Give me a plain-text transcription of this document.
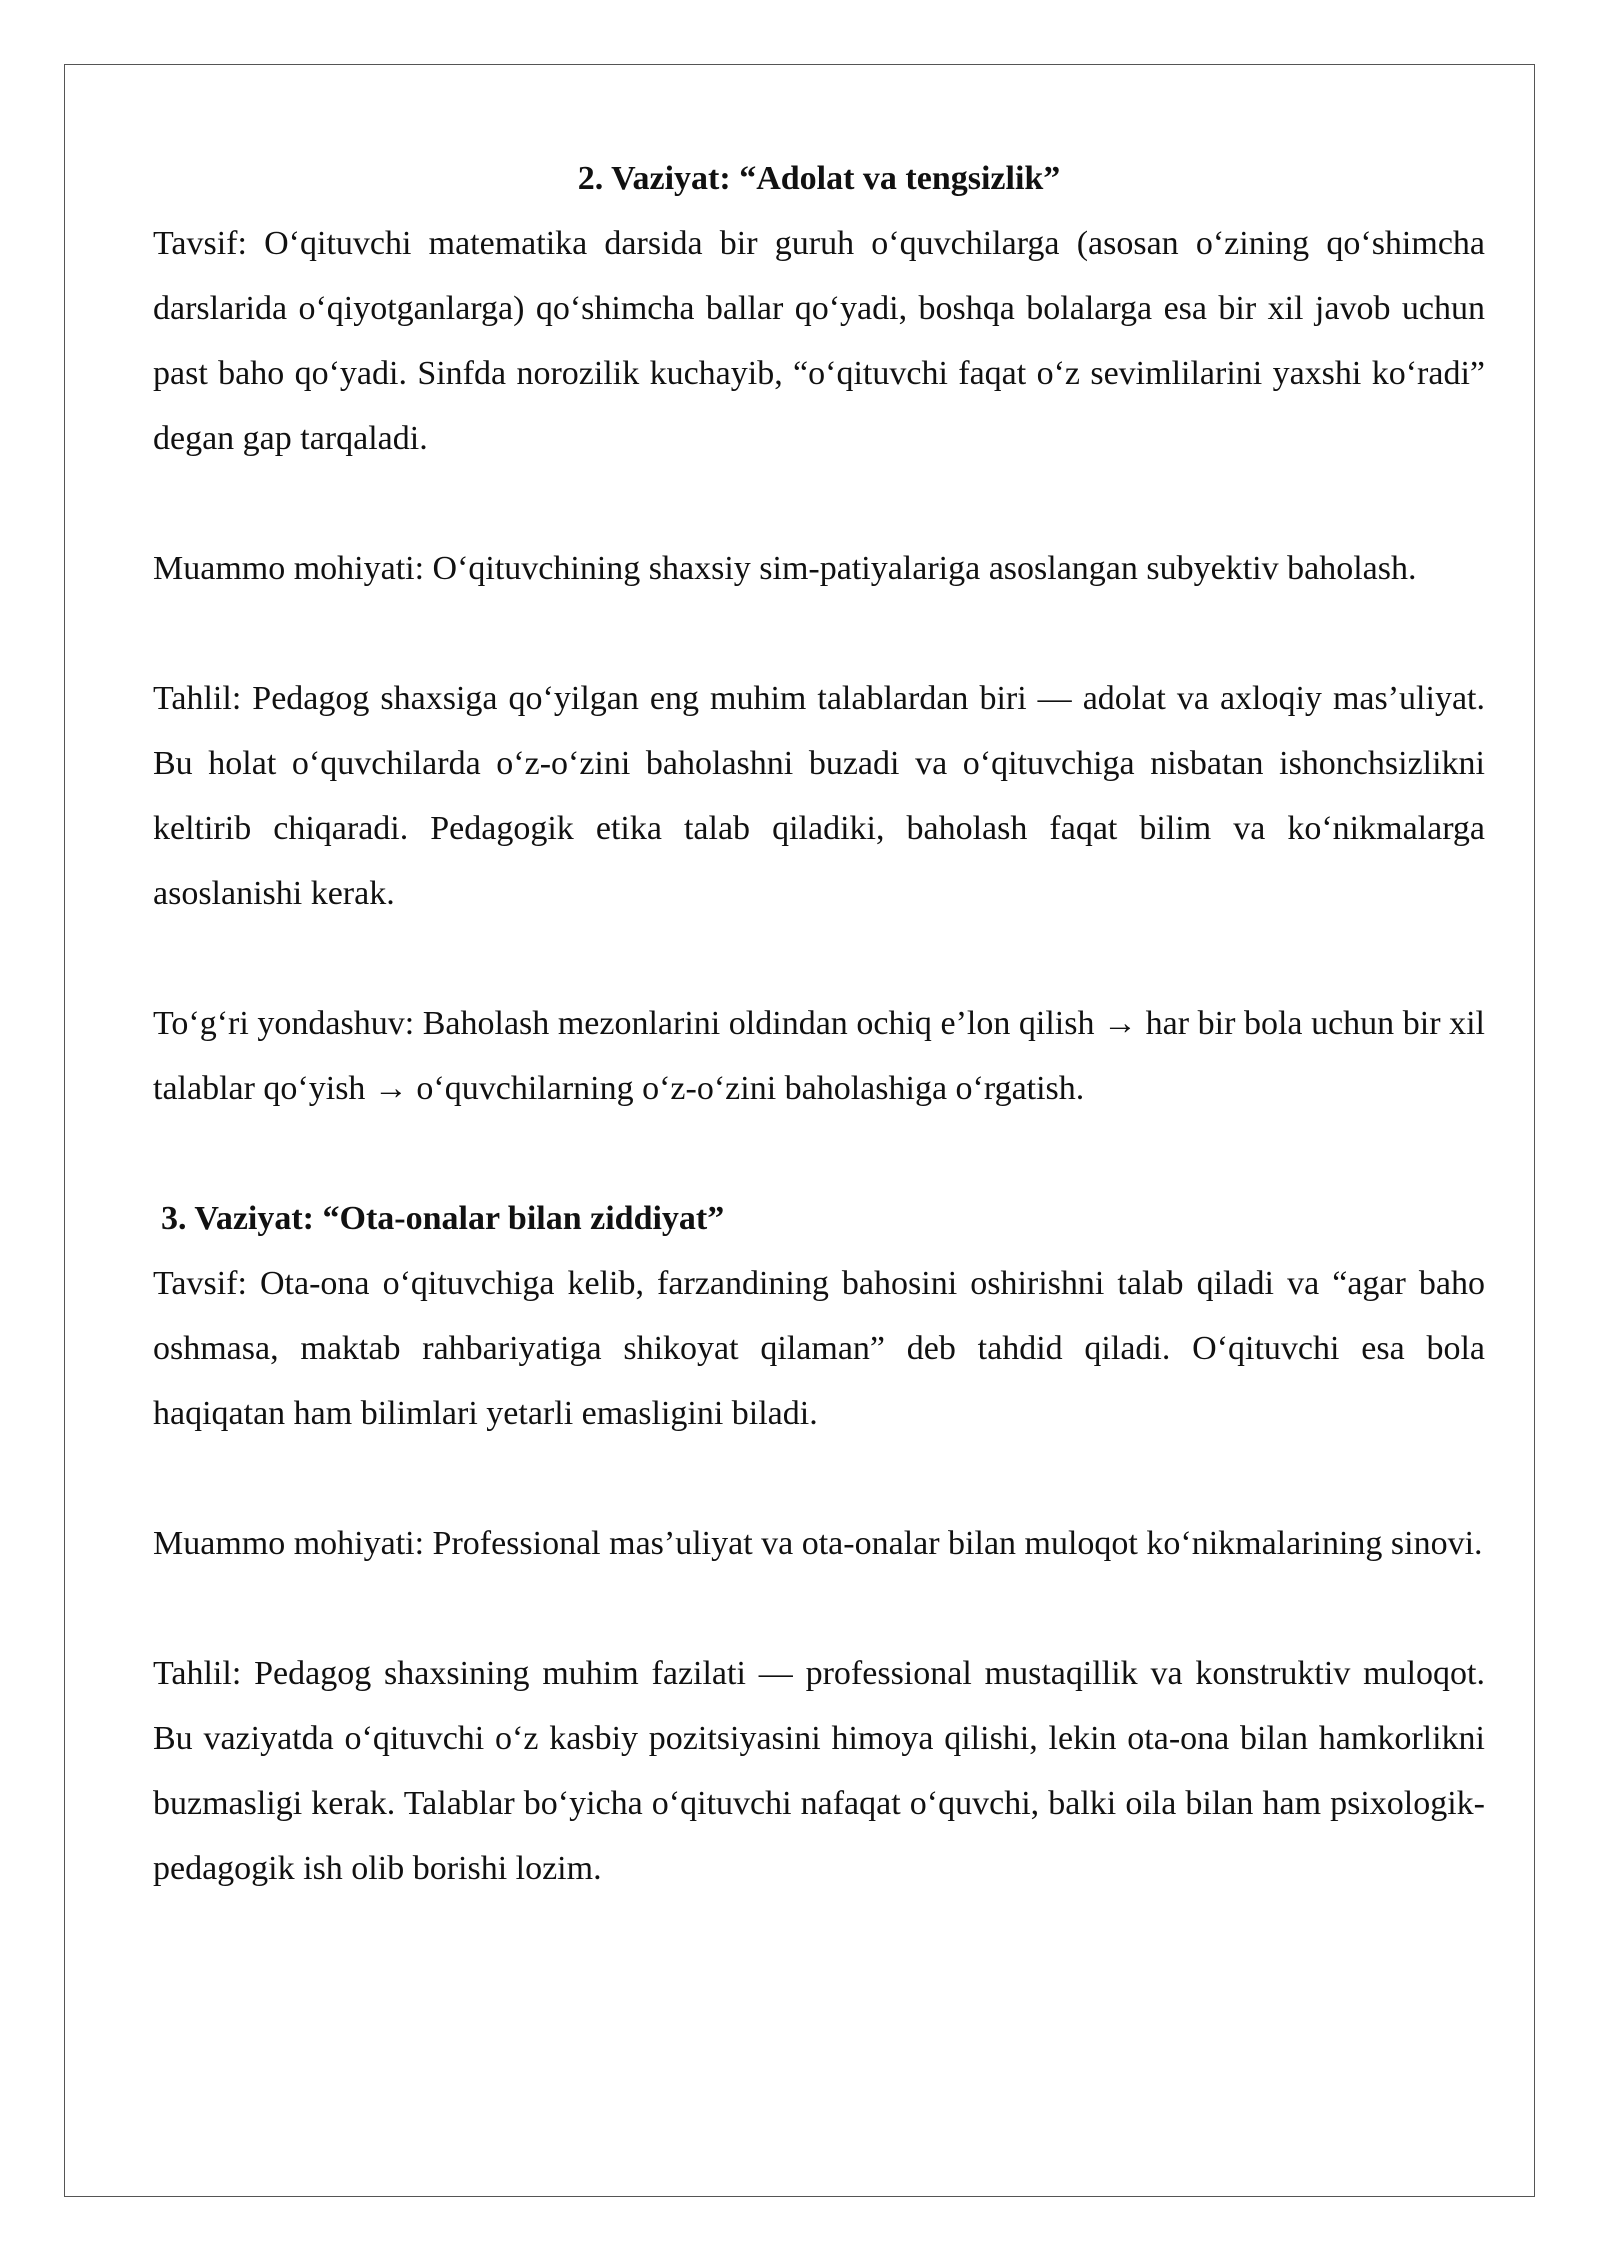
2. Vaziyat: “Adolat va tengsizlik”

Tavsif: O‘qituvchi matematika darsida bir guruh o‘quvchilarga (asosan o‘zining qo‘shimcha darslarida o‘qiyotganlarga) qo‘shimcha ballar qo‘yadi, boshqa bolalarga esa bir xil javob uchun past baho qo‘yadi. Sinfda norozilik kuchayib, “o‘qituvchi faqat o‘z sevimlilarini yaxshi ko‘radi” degan gap tarqaladi.

Muammo mohiyati: O‘qituvchining shaxsiy sim-patiyalariga asoslangan subyektiv baholash.

Tahlil: Pedagog shaxsiga qo‘yilgan eng muhim talablardan biri — adolat va axloqiy mas’uliyat. Bu holat o‘quvchilarda o‘z-o‘zini baholashni buzadi va o‘qituvchiga nisbatan ishonchsizlikni keltirib chiqaradi. Pedagogik etika talab qiladiki, baholash faqat bilim va ko‘nikmalarga asoslanishi kerak.

To‘g‘ri yondashuv: Baholash mezonlarini oldindan ochiq e’lon qilish → har bir bola uchun bir xil talablar qo‘yish → o‘quvchilarning o‘z-o‘zini baholashiga o‘rgatish.

3. Vaziyat: “Ota-onalar bilan ziddiyat”

Tavsif: Ota-ona o‘qituvchiga kelib, farzandining bahosini oshirishni talab qiladi va “agar baho oshmasa, maktab rahbariyatiga shikoyat qilaman” deb tahdid qiladi. O‘qituvchi esa bola haqiqatan ham bilimlari yetarli emasligini biladi.

Muammo mohiyati: Professional mas’uliyat va ota-onalar bilan muloqot ko‘nikmalarining sinovi.

Tahlil: Pedagog shaxsining muhim fazilati — professional mustaqillik va konstruktiv muloqot. Bu vaziyatda o‘qituvchi o‘z kasbiy pozitsiyasini himoya qilishi, lekin ota-ona bilan hamkorlikni buzmasligi kerak. Talablar bo‘yicha o‘qituvchi nafaqat o‘quvchi, balki oila bilan ham psixologik-pedagogik ish olib borishi lozim.
